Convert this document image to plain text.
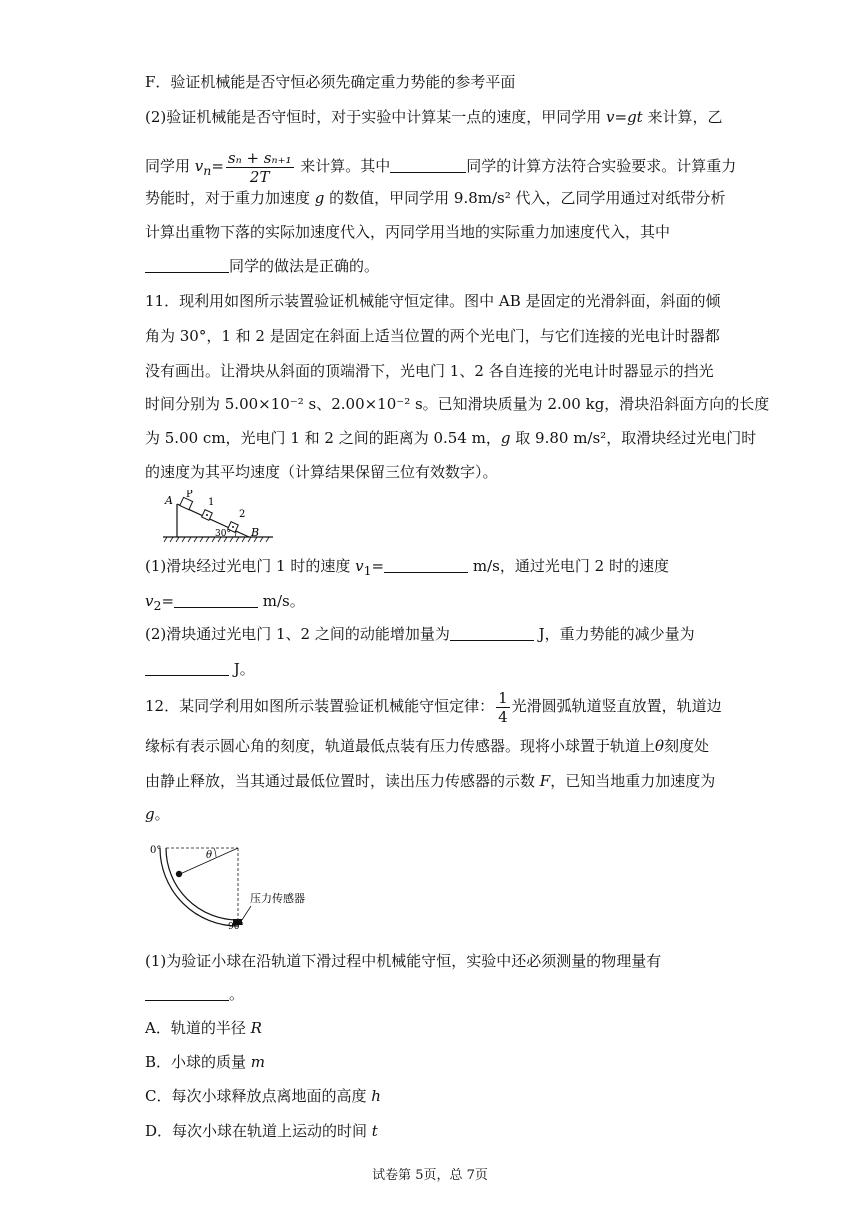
F．验证机械能是否守恒必须先确定重力势能的参考平面
(2)验证机械能是否守恒时，对于实验中计算某一点的速度，甲同学用 v=gt 来计算，乙
同学用 $v_n= \frac{\text{sₙ + sₙ₊₁}}{2T}$ 来计算。其中	同学的计算方法符合实验要求。计算重力
势能时，对于重力加速度 g 的数值，甲同学用 9.8m/s² 代入，乙同学用通过对纸带分析
计算出重物下落的实际加速度代入，丙同学用当地的实际重力加速度代入，其中
同学的做法是正确的。
11．现利用如图所示装置验证机械能守恒定律。图中 AB 是固定的光滑斜面，斜面的倾
角为 30°，1 和 2 是固定在斜面上适当位置的两个光电门，与它们连接的光电计时器都
没有画出。让滑块从斜面的顶端滑下，光电门 1、2 各自连接的光电计时器显示的挡光
时间分别为 5.00×10⁻² s、2.00×10⁻² s。已知滑块质量为 2.00 kg，滑块沿斜面方向的长度
为 5.00 cm，光电门 1 和 2 之间的距离为 0.54 m，g 取 9.80 m/s²，取滑块经过光电门时
的速度为其平均速度（计算结果保留三位有效数字）。
A P
1
2
30° B
(1)滑块经过光电门 1 时的速度 $v_1=$	m/s，通过光电门 2 时的速度
$v_2=$	m/s。
(2)滑块通过光电门 1、2 之间的动能增加量为	J，重力势能的减少量为
J。
12．某同学利用如图所示装置验证机械能守恒定律： $\frac{1}{4}$ 光滑圆弧轨道竖直放置，轨道边
缘标有表示圆心角的刻度，轨道最低点装有压力传感器。现将小球置于轨道上θ刻度处
由静止释放，当其通过最低位置时，读出压力传感器的示数 F，已知当地重力加速度为
g。
0°	θ
压力传感器
90°
(1)为验证小球在沿轨道下滑过程中机械能守恒，实验中还必须测量的物理量有
。
A．轨道的半径 R
B．小球的质量 m
C．每次小球释放点离地面的高度 h
D．每次小球在轨道上运动的时间 t
试卷第 5页，总 7页
